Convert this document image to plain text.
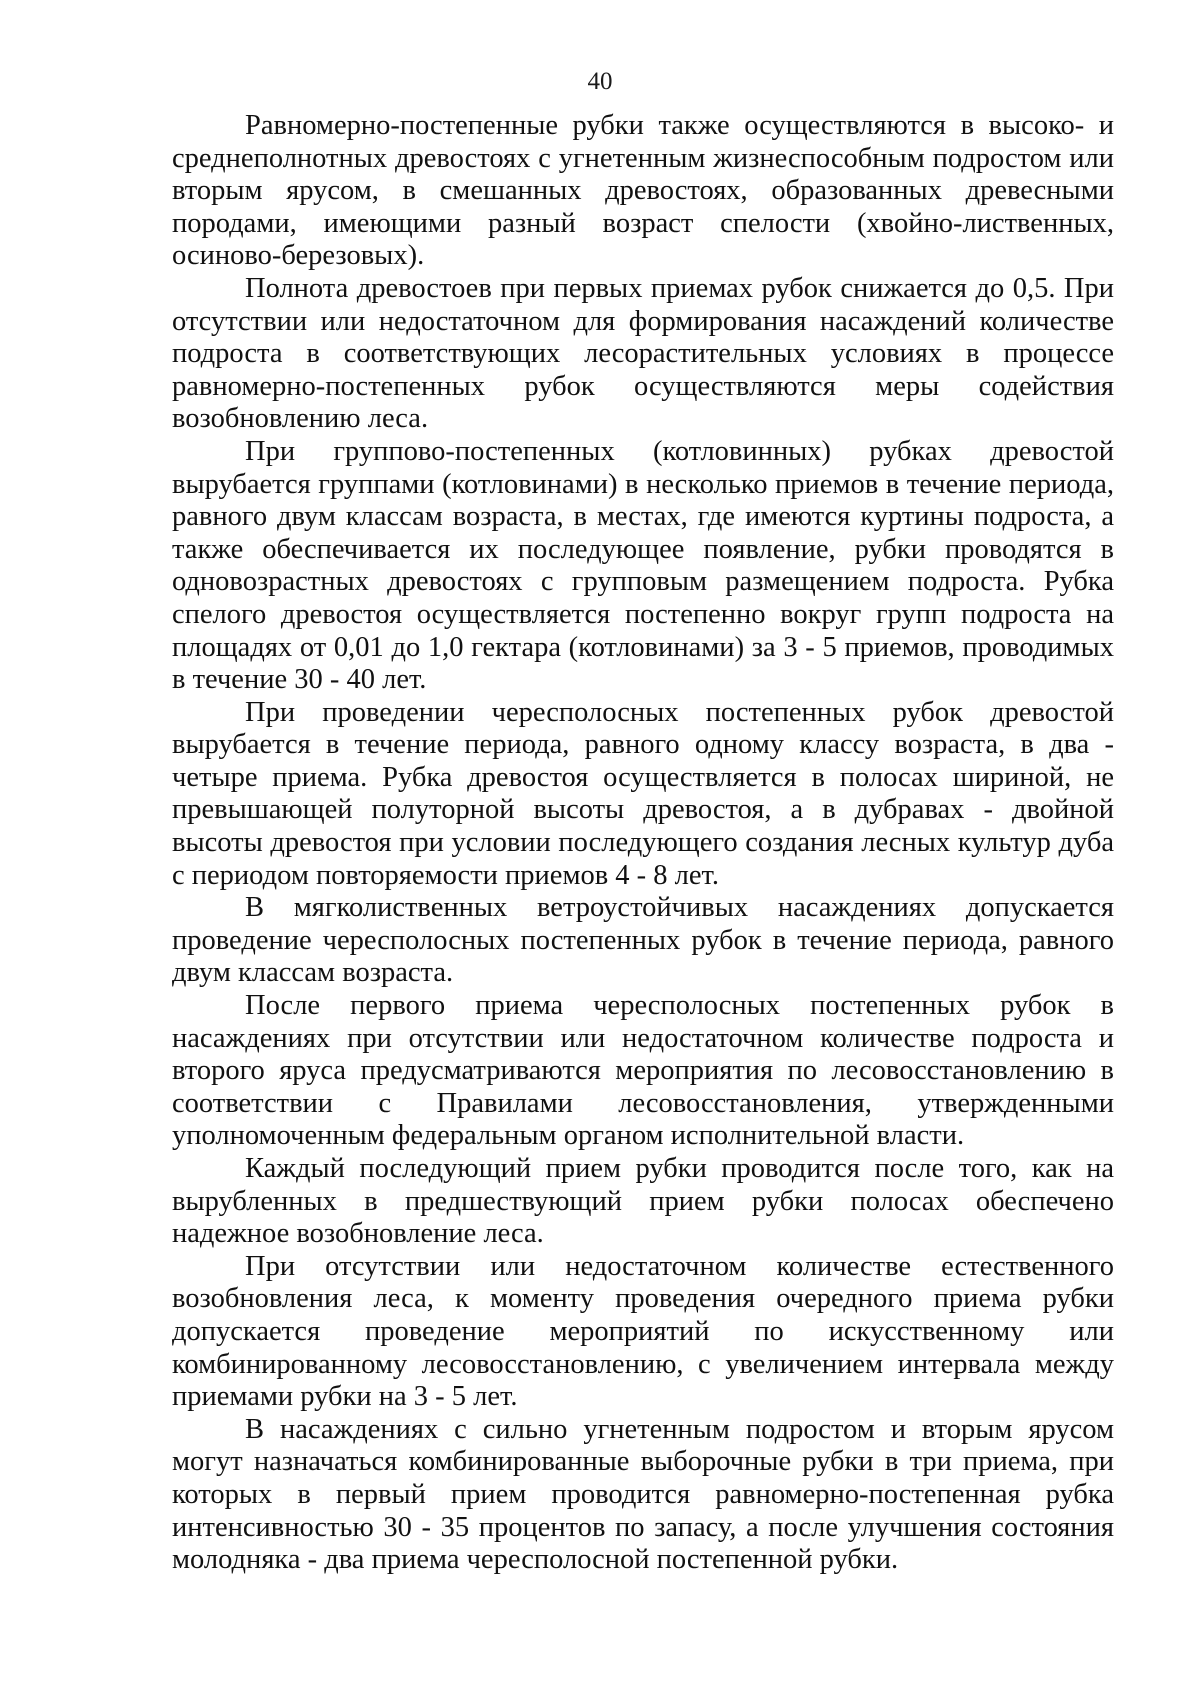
40

Равномерно-постепенные рубки также осуществляются в высоко- и среднеполнотных древостоях с угнетенным жизнеспособным подростом или вторым ярусом, в смешанных древостоях, образованных древесными породами, имеющими разный возраст спелости (хвойно-лиственных, осиново-березовых).

Полнота древостоев при первых приемах рубок снижается до 0,5. При отсутствии или недостаточном для формирования насаждений количестве подроста в соответствующих лесорастительных условиях в процессе равномерно-постепенных рубок осуществляются меры содействия возобновлению леса.

При группово-постепенных (котловинных) рубках древостой вырубается группами (котловинами) в несколько приемов в течение периода, равного двум классам возраста, в местах, где имеются куртины подроста, а также обеспечивается их последующее появление, рубки проводятся в одновозрастных древостоях с групповым размещением подроста. Рубка спелого древостоя осуществляется постепенно вокруг групп подроста на площадях от 0,01 до 1,0 гектара (котловинами) за 3 - 5 приемов, проводимых в течение 30 - 40 лет.

При проведении чересполосных постепенных рубок древостой вырубается в течение периода, равного одному классу возраста, в два - четыре приема. Рубка древостоя осуществляется в полосах шириной, не превышающей полуторной высоты древостоя, а в дубравах - двойной высоты древостоя при условии последующего создания лесных культур дуба с периодом повторяемости приемов 4 - 8 лет.

В мягколиственных ветроустойчивых насаждениях допускается проведение чересполосных постепенных рубок в течение периода, равного двум классам возраста.

После первого приема чересполосных постепенных рубок в насаждениях при отсутствии или недостаточном количестве подроста и второго яруса предусматриваются мероприятия по лесовосстановлению в соответствии с Правилами лесовосстановления, утвержденными уполномоченным федеральным органом исполнительной власти.

Каждый последующий прием рубки проводится после того, как на вырубленных в предшествующий прием рубки полосах обеспечено надежное возобновление леса.

При отсутствии или недостаточном количестве естественного возобновления леса, к моменту проведения очередного приема рубки допускается проведение мероприятий по искусственному или комбинированному лесовосстановлению, с увеличением интервала между приемами рубки на 3 - 5 лет.

В насаждениях с сильно угнетенным подростом и вторым ярусом могут назначаться комбинированные выборочные рубки в три приема, при которых в первый прием проводится равномерно-постепенная рубка интенсивностью 30 - 35 процентов по запасу, а после улучшения состояния молодняка - два приема чересполосной постепенной рубки.
